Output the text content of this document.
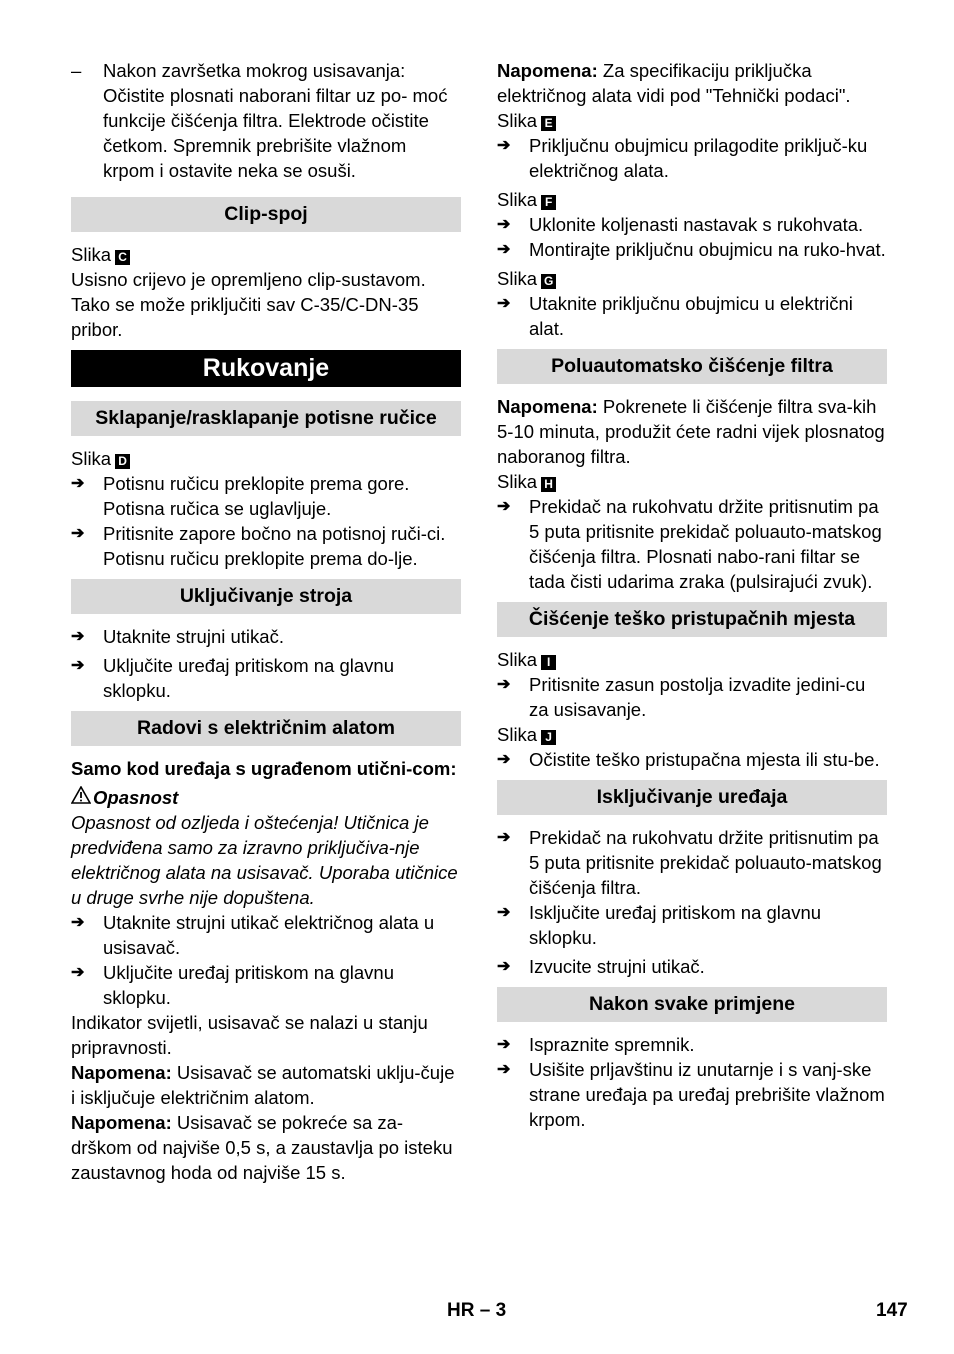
–	Nakon završetka mokrog usisavanja: Očistite plosnati naborani filtar uz po- moć funkcije čišćenja filtra. Elektrode očistite četkom. Spremnik prebrišite vlažnom krpom i ostavite neka se osuši.
Clip-spoj
Slika C
Usisno crijevo je opremljeno clip-sustavom. Tako se može priključiti sav C-35/C-DN-35 pribor.
Rukovanje
Sklapanje/rasklapanje potisne ručice
Slika D
➔	Potisnu ručicu preklopite prema gore. Potisna ručica se uglavljuje.
➔	Pritisnite zapore bočno na potisnoj ruči-ci. Potisnu ručicu preklopite prema do-lje.
Uključivanje stroja
➔	Utaknite strujni utikač.
➔	Uključite uređaj pritiskom na glavnu sklopku.
Radovi s električnim alatom
Samo kod uređaja s ugrađenom utični-com:
Opasnost
Opasnost od ozljeda i oštećenja! Utičnica je predviđena samo za izravno priključiva-nje električnog alata na usisavač. Uporaba utičnice u druge svrhe nije dopuštena.
➔	Utaknite strujni utikač električnog alata u usisavač.
➔	Uključite uređaj pritiskom na glavnu sklopku.
Indikator svijetli, usisavač se nalazi u stanju pripravnosti.
Napomena: Usisavač se automatski uklju-čuje i isključuje električnim alatom.
Napomena: Usisavač se pokreće sa za-drškom od najviše 0,5 s, a zaustavlja po isteku zaustavnog hoda od najviše 15 s.
Napomena: Za specifikaciju priključka električnog alata vidi pod "Tehnički podaci".
Slika E
➔	Priključnu obujmicu prilagodite priključ-ku električnog alata.
Slika F
➔	Uklonite koljenasti nastavak s rukohvata.
➔	Montirajte priključnu obujmicu na ruko-hvat.
Slika G
➔	Utaknite priključnu obujmicu u električni alat.
Poluautomatsko čišćenje filtra
Napomena: Pokrenete li čišćenje filtra sva-kih 5-10 minuta, produžit ćete radni vijek plosnatog naboranog filtra.
Slika H
➔	Prekidač na rukohvatu držite pritisnutim pa 5 puta pritisnite prekidač poluauto-matskog čišćenja filtra. Plosnati nabo-rani filtar se tada čisti udarima zraka (pulsirajući zvuk).
Čišćenje teško pristupačnih mjesta
Slika I
➔	Pritisnite zasun postolja izvadite jedini-cu za usisavanje.
Slika J
➔	Očistite teško pristupačna mjesta ili stu-be.
Isključivanje uređaja
➔	Prekidač na rukohvatu držite pritisnutim pa 5 puta pritisnite prekidač poluauto-matskog čišćenja filtra.
➔	Isključite uređaj pritiskom na glavnu sklopku.
➔	Izvucite strujni utikač.
Nakon svake primjene
➔	Ispraznite spremnik.
➔	Usišite prljavštinu iz unutarnje i s vanj-ske strane uređaja pa uređaj prebrišite vlažnom krpom.
HR – 3	147
